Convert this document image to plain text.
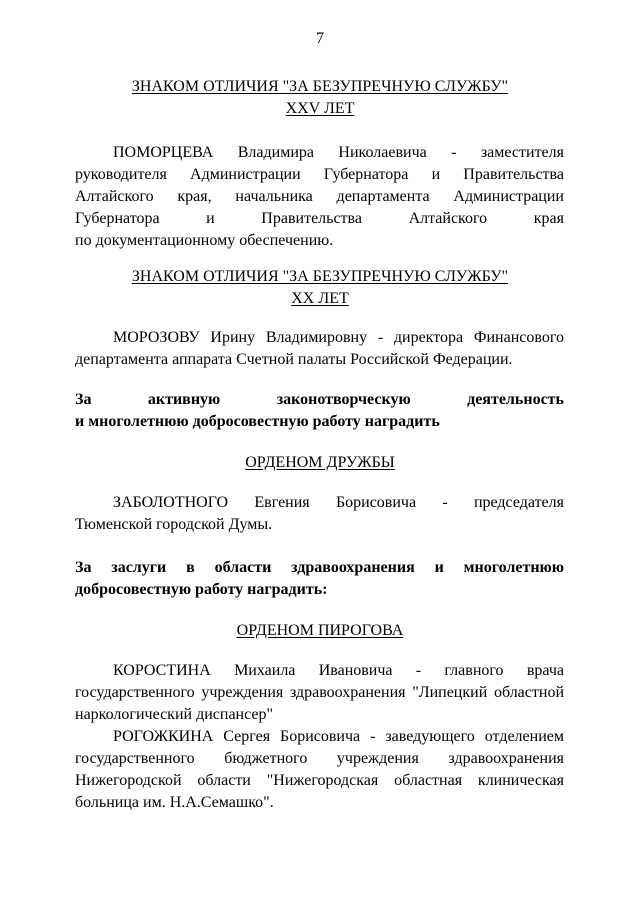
7
ЗНАКОМ ОТЛИЧИЯ "ЗА БЕЗУПРЕЧНУЮ СЛУЖБУ"
XXV ЛЕТ
ПОМОРЦЕВА Владимира Николаевича - заместителя
руководителя Администрации Губернатора и Правительства
Алтайского края, начальника департамента Администрации
Губернатора и Правительства Алтайского края
по документационному обеспечению.
ЗНАКОМ ОТЛИЧИЯ "ЗА БЕЗУПРЕЧНУЮ СЛУЖБУ"
XX ЛЕТ
МОРОЗОВУ Ирину Владимировну - директора Финансового
департамента аппарата Счетной палаты Российской Федерации.
За активную законотворческую деятельность
и многолетнюю добросовестную работу наградить
ОРДЕНОМ ДРУЖБЫ
ЗАБОЛОТНОГО Евгения Борисовича - председателя
Тюменской городской Думы.
За заслуги в области здравоохранения и многолетнюю
добросовестную работу наградить:
ОРДЕНОМ ПИРОГОВА
КОРОСТИНА Михаила Ивановича - главного врача
государственного учреждения здравоохранения "Липецкий областной
наркологический диспансер"
РОГОЖКИНА Сергея Борисовича - заведующего отделением
государственного бюджетного учреждения здравоохранения
Нижегородской области "Нижегородская областная клиническая
больница им. Н.А.Семашко".
